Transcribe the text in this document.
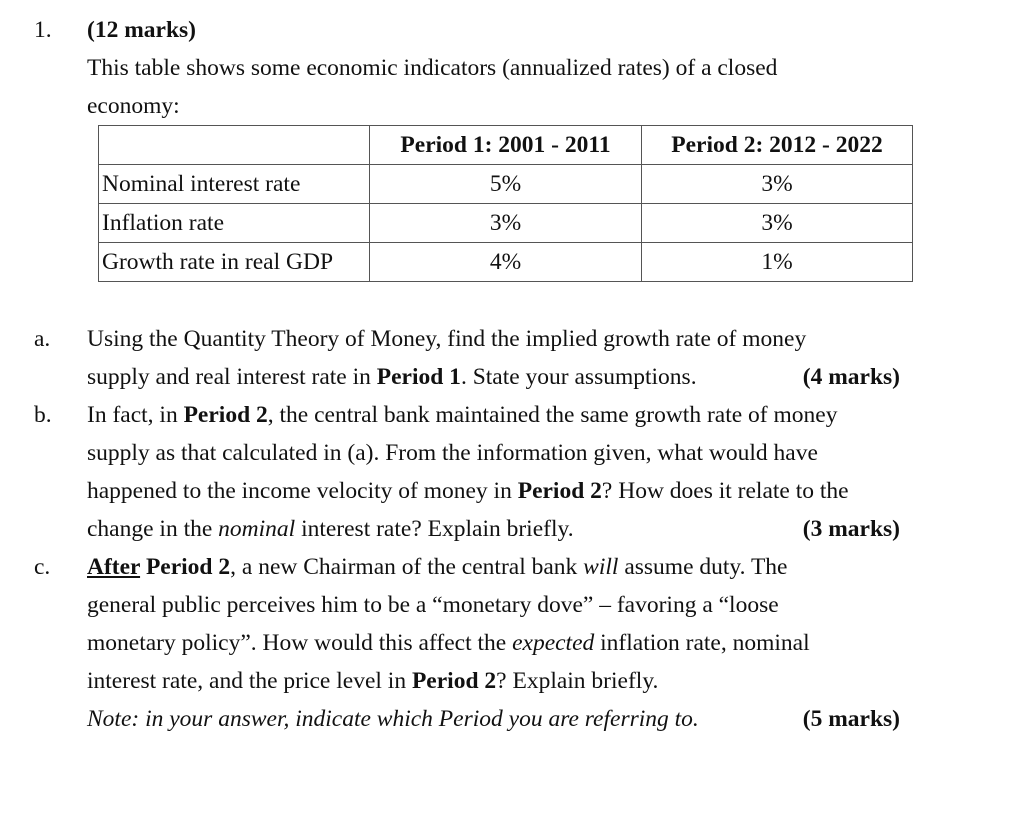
1. (12 marks)
This table shows some economic indicators (annualized rates) of a closed
economy:
	Period 1: 2001 - 2011	Period 2: 2012 - 2022
Nominal interest rate	5%	3%
Inflation rate	3%	3%
Growth rate in real GDP	4%	1%
a. Using the Quantity Theory of Money, find the implied growth rate of money
supply and real interest rate in Period 1. State your assumptions.	(4 marks)
b. In fact, in Period 2, the central bank maintained the same growth rate of money
supply as that calculated in (a). From the information given, what would have
happened to the income velocity of money in Period 2? How does it relate to the
change in the nominal interest rate? Explain briefly.	(3 marks)
c. After Period 2, a new Chairman of the central bank will assume duty. The
general public perceives him to be a “monetary dove” – favoring a “loose
monetary policy”. How would this affect the expected inflation rate, nominal
interest rate, and the price level in Period 2? Explain briefly.
Note: in your answer, indicate which Period you are referring to.	(5 marks)
